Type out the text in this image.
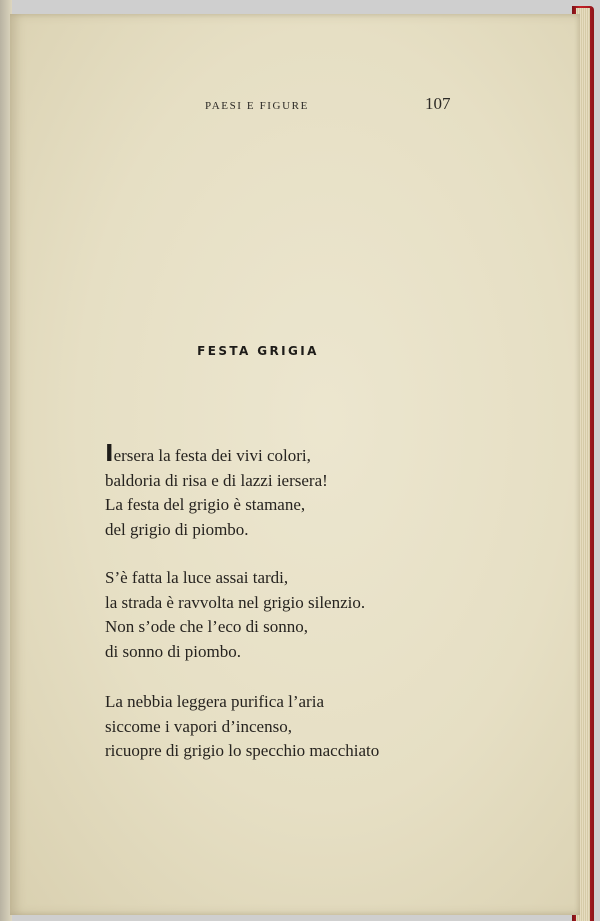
PAESI E FIGURE	107
FESTA GRIGIA
Iersera la festa dei vivi colori,
baldoria di risa e di lazzi iersera!
La festa del grigio è stamane,
del grigio di piombo.
S’è fatta la luce assai tardi,
la strada è ravvolta nel grigio silenzio.
Non s’ode che l’eco di sonno,
di sonno di piombo.
La nebbia leggera purifica l’aria
siccome i vapori d’incenso,
ricuopre di grigio lo specchio macchiato
